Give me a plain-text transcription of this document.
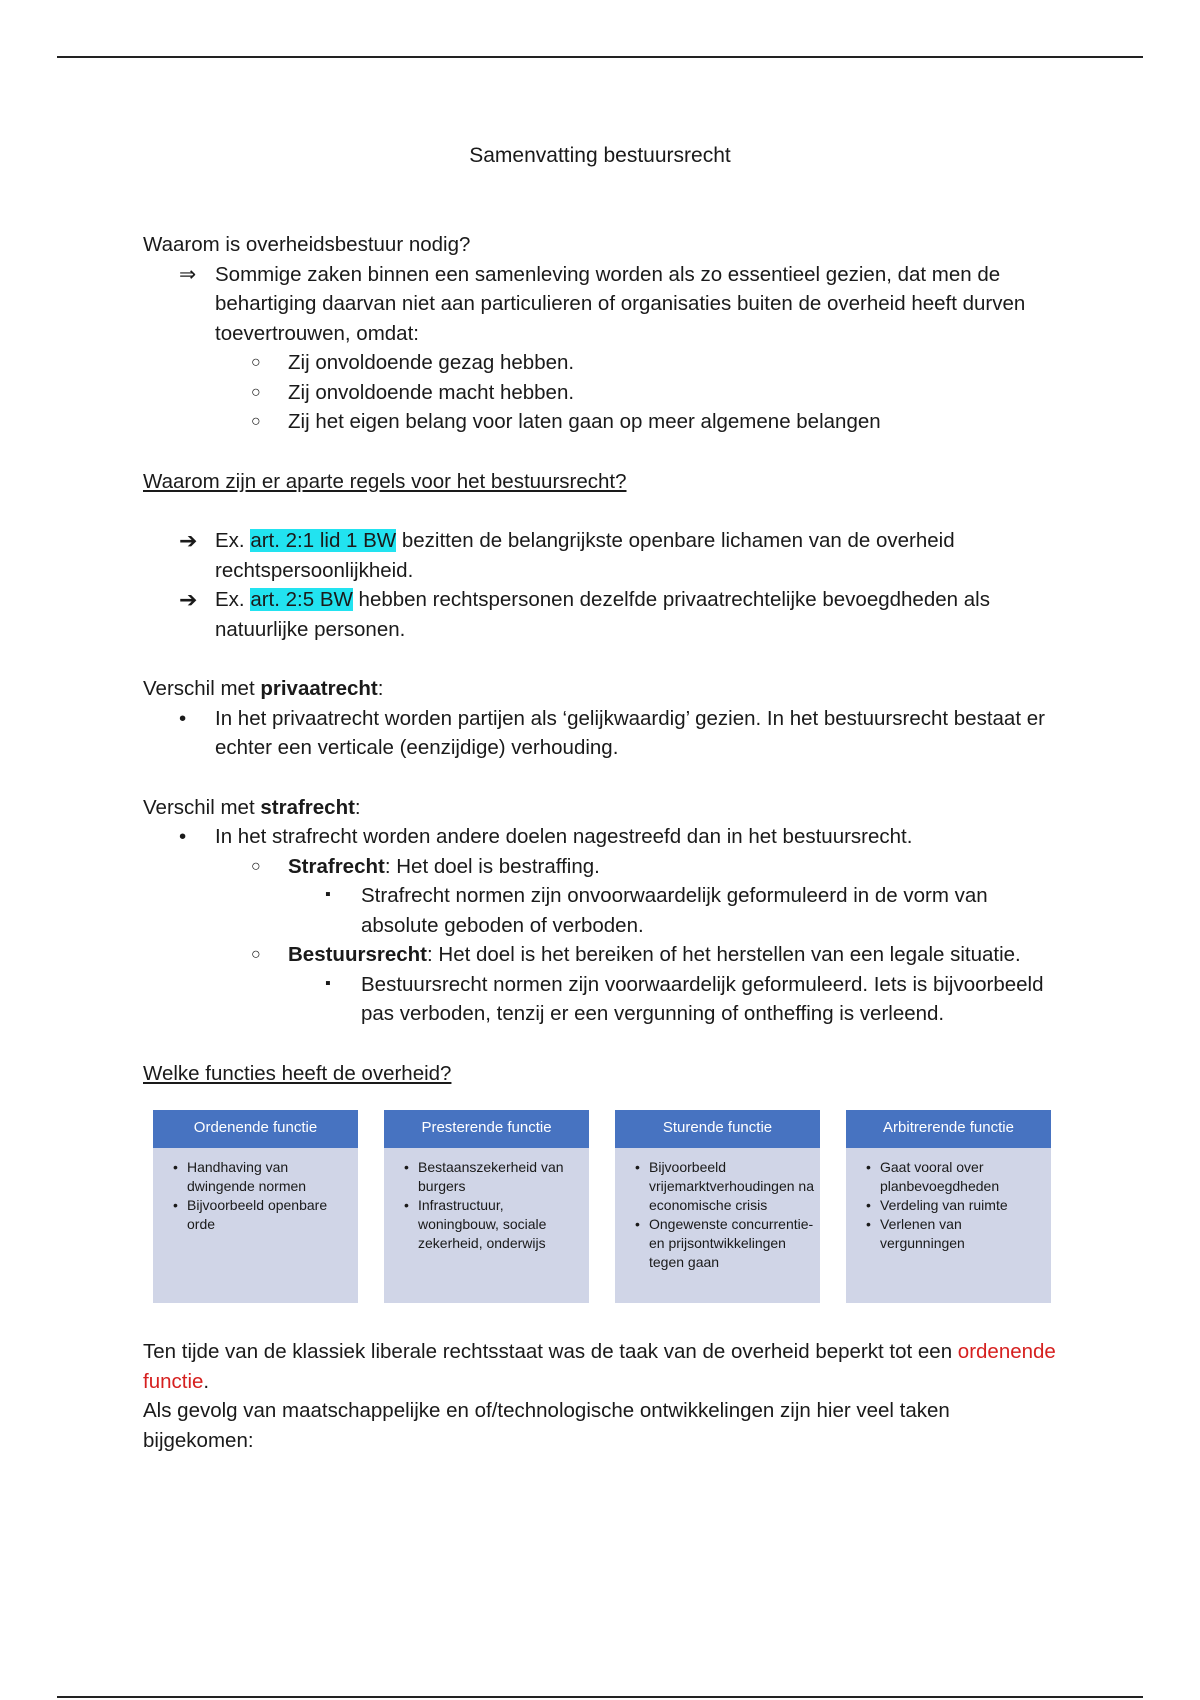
Samenvatting bestuursrecht

Waarom is overheidsbestuur nodig?

⇒ Sommige zaken binnen een samenleving worden als zo essentieel gezien, dat men de behartiging daarvan niet aan particulieren of organisaties buiten de overheid heeft durven toevertrouwen, omdat:
○ Zij onvoldoende gezag hebben.
○ Zij onvoldoende macht hebben.
○ Zij het eigen belang voor laten gaan op meer algemene belangen

Waarom zijn er aparte regels voor het bestuursrecht?

➔ Ex. art. 2:1 lid 1 BW bezitten de belangrijkste openbare lichamen van de overheid rechtspersoonlijkheid.
➔ Ex. art. 2:5 BW hebben rechtspersonen dezelfde privaatrechtelijke bevoegdheden als natuurlijke personen.

Verschil met privaatrecht:

•	In het privaatrecht worden partijen als ‘gelijkwaardig’ gezien. In het bestuursrecht bestaat er echter een verticale (eenzijdige) verhouding.

Verschil met strafrecht:

•	In het strafrecht worden andere doelen nagestreefd dan in het bestuursrecht.
○ Strafrecht: Het doel is bestraffing.
▪ Strafrecht normen zijn onvoorwaardelijk geformuleerd in de vorm van absolute geboden of verboden.
○ Bestuursrecht: Het doel is het bereiken of het herstellen van een legale situatie.
▪ Bestuursrecht normen zijn voorwaardelijk geformuleerd. Iets is bijvoorbeeld pas verboden, tenzij er een vergunning of ontheffing is verleend.

Welke functies heeft de overheid?

Ordenende functie
• Handhaving van dwingende normen
• Bijvoorbeeld openbare orde
Presterende functie
• Bestaanszekerheid van burgers
• Infrastructuur, woningbouw, sociale zekerheid, onderwijs
Sturende functie
• Bijvoorbeeld vrijemarktverhoudingen na economische crisis
• Ongewenste concurrentie- en prijsontwikkelingen tegen gaan
Arbitrerende functie
• Gaat vooral over planbevoegdheden
• Verdeling van ruimte
• Verlenen van vergunningen

Ten tijde van de klassiek liberale rechtsstaat was de taak van de overheid beperkt tot een ordenende functie.

Als gevolg van maatschappelijke en of/technologische ontwikkelingen zijn hier veel taken bijgekomen:
